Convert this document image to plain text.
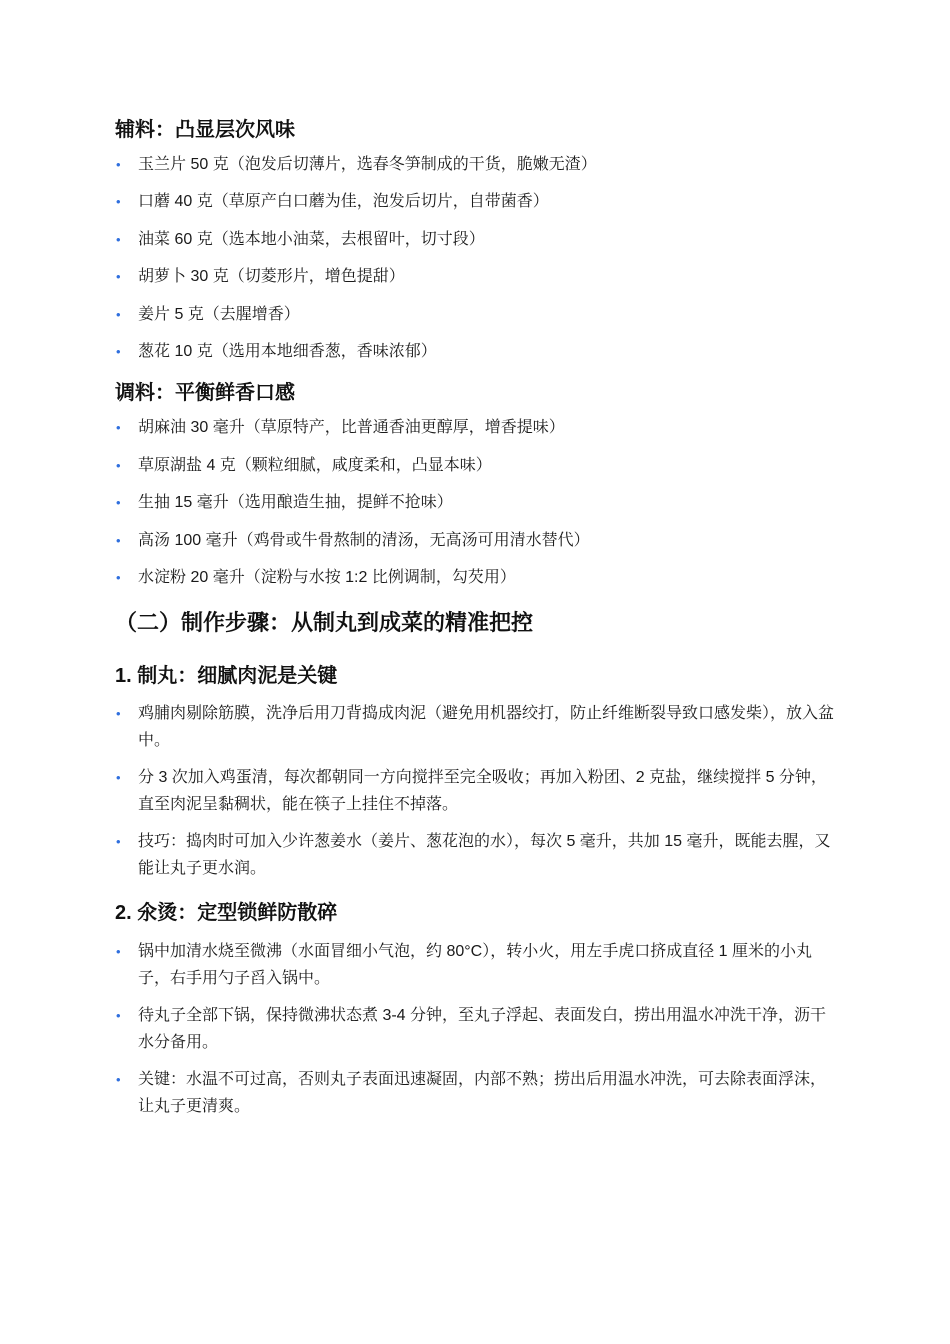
辅料：凸显层次风味
• 玉兰片 50 克（泡发后切薄片，选春冬笋制成的干货，脆嫩无渣）
• 口蘑 40 克（草原产白口蘑为佳，泡发后切片，自带菌香）
• 油菜 60 克（选本地小油菜，去根留叶，切寸段）
• 胡萝卜 30 克（切菱形片，增色提甜）
• 姜片 5 克（去腥增香）
• 葱花 10 克（选用本地细香葱，香味浓郁）
调料：平衡鲜香口感
• 胡麻油 30 毫升（草原特产，比普通香油更醇厚，增香提味）
• 草原湖盐 4 克（颗粒细腻，咸度柔和，凸显本味）
• 生抽 15 毫升（选用酿造生抽，提鲜不抢味）
• 高汤 100 毫升（鸡骨或牛骨熬制的清汤，无高汤可用清水替代）
• 水淀粉 20 毫升（淀粉与水按 1:2 比例调制，勾芡用）
（二）制作步骤：从制丸到成菜的精准把控
1. 制丸：细腻肉泥是关键
• 鸡脯肉剔除筋膜，洗净后用刀背捣成肉泥（避免用机器绞打，防止纤维断裂导致口感发柴），放入盆中。
• 分 3 次加入鸡蛋清，每次都朝同一方向搅拌至完全吸收；再加入粉团、2 克盐，继续搅拌 5 分钟，直至肉泥呈黏稠状，能在筷子上挂住不掉落。
• 技巧：捣肉时可加入少许葱姜水（姜片、葱花泡的水），每次 5 毫升，共加 15 毫升，既能去腥，又能让丸子更水润。
2. 氽烫：定型锁鲜防散碎
• 锅中加清水烧至微沸（水面冒细小气泡，约 80°C），转小火，用左手虎口挤成直径 1 厘米的小丸子，右手用勺子舀入锅中。
• 待丸子全部下锅，保持微沸状态煮 3-4 分钟，至丸子浮起、表面发白，捞出用温水冲洗干净，沥干水分备用。
• 关键：水温不可过高，否则丸子表面迅速凝固，内部不熟；捞出后用温水冲洗，可去除表面浮沫，让丸子更清爽。
